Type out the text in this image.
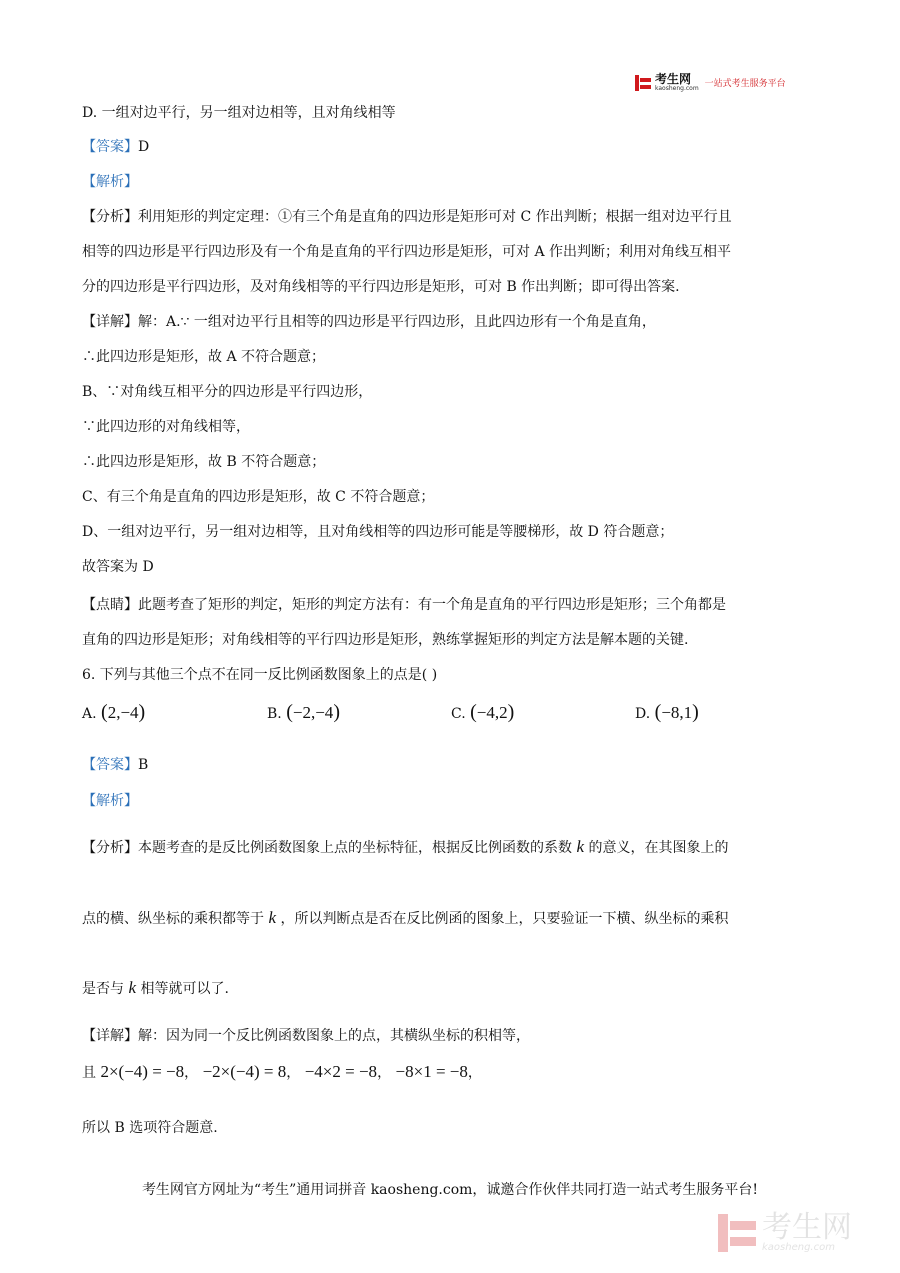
考生网
kaosheng.com 一站式考生服务平台
D. 一组对边平行，另一组对边相等，且对角线相等
【答案】D
【解析】
【分析】利用矩形的判定定理：①有三个角是直角的四边形是矩形可对 C 作出判断；根据一组对边平行且
相等的四边形是平行四边形及有一个角是直角的平行四边形是矩形，可对 A 作出判断；利用对角线互相平
分的四边形是平行四边形，及对角线相等的平行四边形是矩形，可对 B 作出判断；即可得出答案.
【详解】解：A.∵ 一组对边平行且相等的四边形是平行四边形，且此四边形有一个角是直角，
∴此四边形是矩形，故 A 不符合题意；
B、∵对角线互相平分的四边形是平行四边形，
∵此四边形的对角线相等，
∴此四边形是矩形，故 B 不符合题意；
C、有三个角是直角的四边形是矩形，故 C 不符合题意；
D、一组对边平行，另一组对边相等，且对角线相等的四边形可能是等腰梯形，故 D 符合题意；
故答案为 D
【点睛】此题考查了矩形的判定，矩形的判定方法有：有一个角是直角的平行四边形是矩形；三个角都是
直角的四边形是矩形；对角线相等的平行四边形是矩形，熟练掌握矩形的判定方法是解本题的关键.
6. 下列与其他三个点不在同一反比例函数图象上的点是( )
A. (2,−4)	B. (−2,−4)	C. (−4,2)	D. (−8,1)
【答案】B
【解析】
【分析】本题考查的是反比例函数图象上点的坐标特征，根据反比例函数的系数 k 的意义，在其图象上的
点的横、纵坐标的乘积都等于 k ，所以判断点是否在反比例函的图象上，只要验证一下横、纵坐标的乘积
是否与 k 相等就可以了.
【详解】解：因为同一个反比例函数图象上的点，其横纵坐标的积相等，
且 2×(−4) = −8， −2×(−4) = 8， −4×2 = −8， −8×1 = −8，
所以 B 选项符合题意.
考生网官方网址为“考生”通用词拼音 kaosheng.com，诚邀合作伙伴共同打造一站式考生服务平台!
考生网
kaosheng.com
